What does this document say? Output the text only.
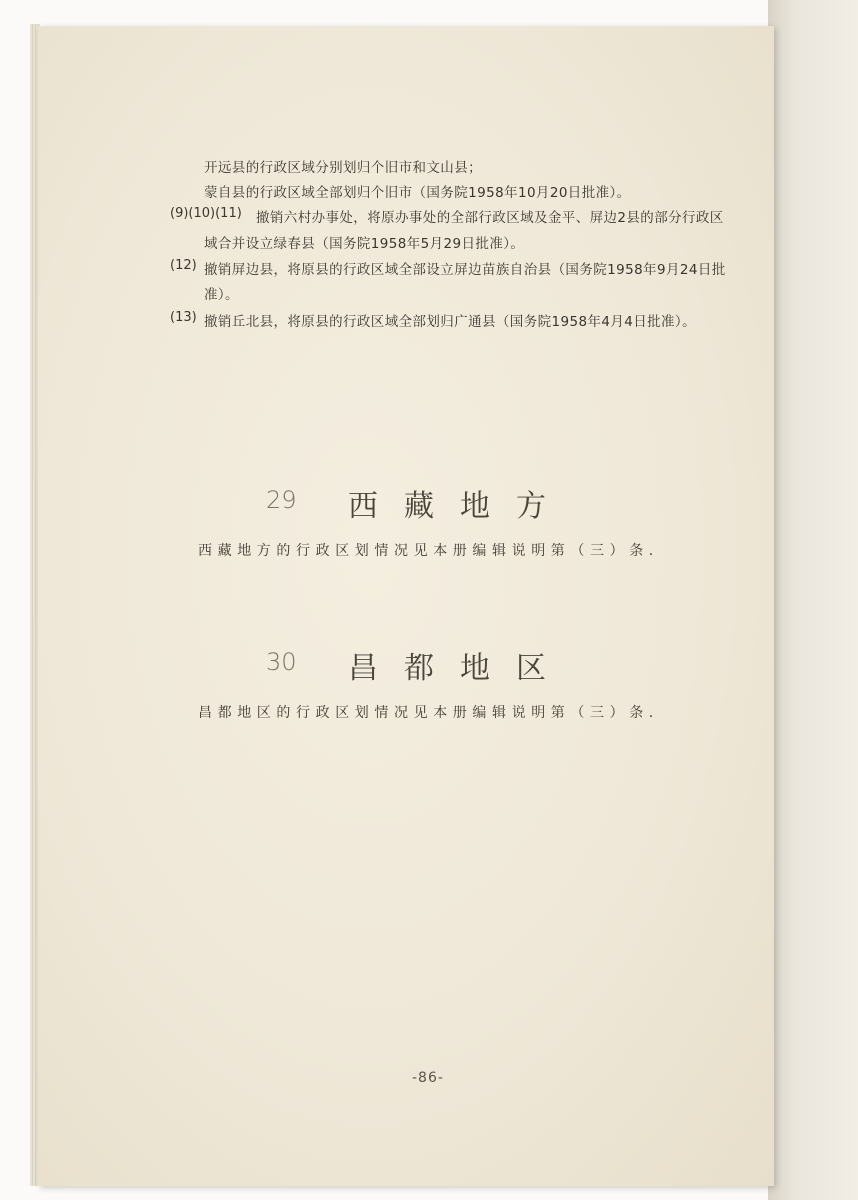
开远县的行政区域分别划归个旧市和文山县；
蒙自县的行政区域全部划归个旧市（国务院1958年10月20日批准）。
(9)(10)(11) 撤销六村办事处，将原办事处的全部行政区域及金平、屏边2县的部分行政区
域合并设立绿春县（国务院1958年5月29日批准）。
(12) 撤销屏边县，将原县的行政区域全部设立屏边苗族自治县（国务院1958年9月24日批
准）。
(13) 撤销丘北县，将原县的行政区域全部划归广通县（国务院1958年4月4日批准）。
29 西藏地方
西藏地方的行政区划情况见本册编辑说明第（三）条.
30 昌都地区
昌都地区的行政区划情况见本册编辑说明第（三）条.
-86-
